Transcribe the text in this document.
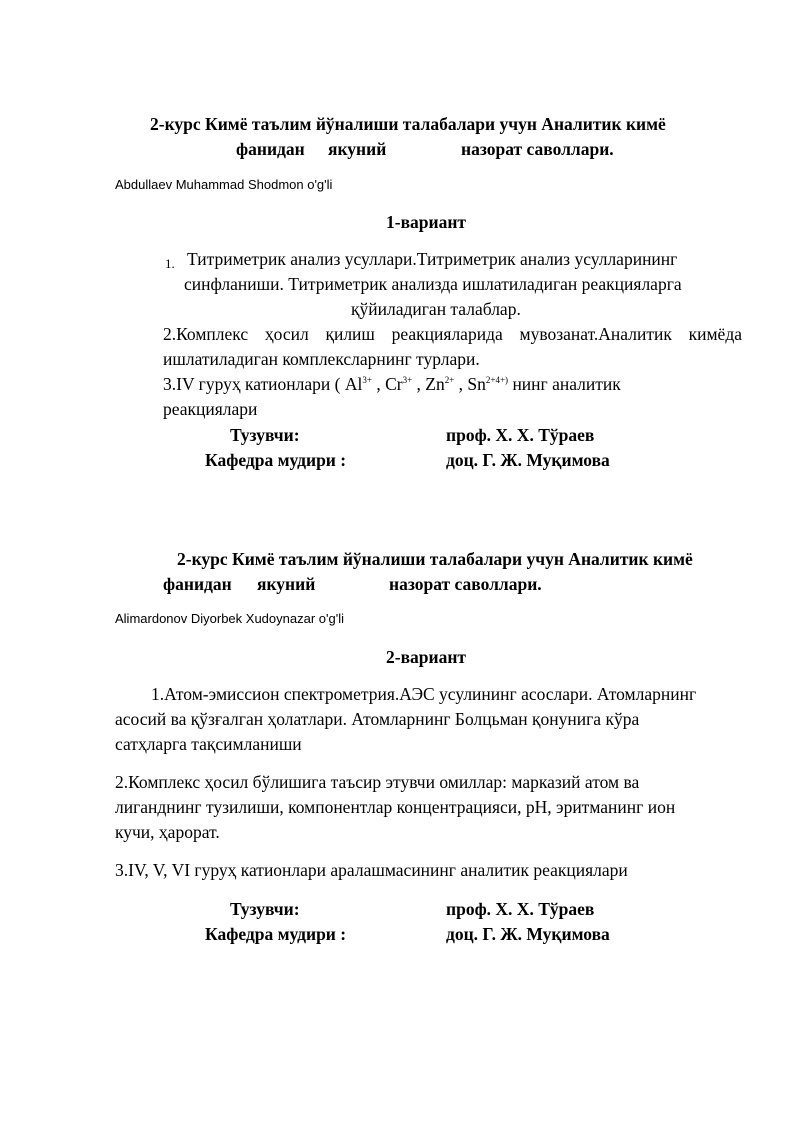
2-курс Кимё таълим йўналиши талабалари учун Аналитик кимё
фанидан якуний	назорат саволлари.
Abdullaev Muhammad Shodmon o'g'li
1-вариант
1. Титриметрик анализ усуллари.Титриметрик анализ усулларининг
синфланиши. Титриметрик анализда ишлатиладиган реакцияларга
қўйиладиган талаблар.
2.Комплекс ҳосил қилиш реакцияларида мувозанат.Аналитик кимёда
ишлатиладиган комплексларнинг турлари.
3.IV гуруҳ катионлари ( $Al^{3+}$ , $Cr^{3+}$ , $Zn^{2+}$ , $Sn^{2+4+)}$ нинг аналитик
реакциялари
Тузувчи:	проф. Х. Х. Тўраев
Кафедра мудири :	доц. Г. Ж. Муқимова
2-курс Кимё таълим йўналиши талабалари учун Аналитик кимё
фанидан якуний	назорат саволлари.
Alimardonov Diyorbek Xudoynazar o'g'li
2-вариант
1.Атом-эмиссион спектрометрия.АЭС усулининг асослари. Атомларнинг
асосий ва қўзғалган ҳолатлари. Атомларнинг Болцьман қонунига кўра
сатҳларга тақсимланиши
2.Комплекс ҳосил бўлишига таъсир этувчи омиллар: марказий атом ва
лиганднинг тузилиши, компонентлар концентрацияси, pH, эритманинг ион
кучи, ҳарорат.
3.IV, V, VI гуруҳ катионлари аралашмасининг аналитик реакциялари
Тузувчи:	проф. Х. Х. Тўраев
Кафедра мудири :	доц. Г. Ж. Муқимова
